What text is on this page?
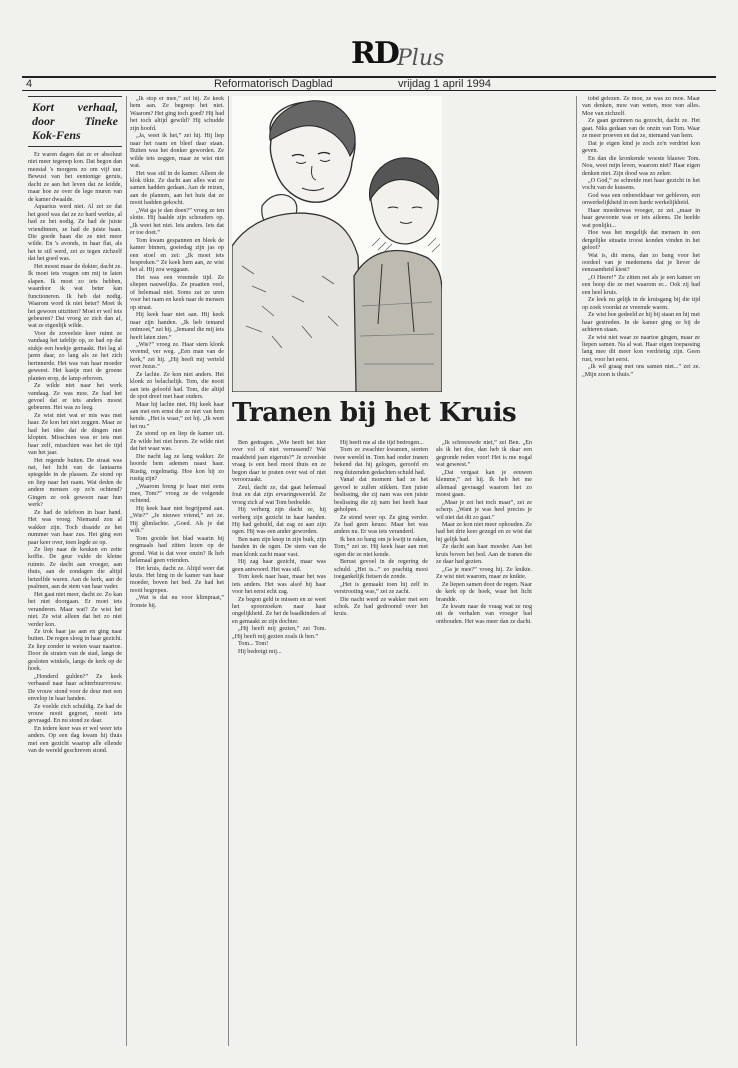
RD Plus
4	Reformatorisch Dagblad	vrijdag 1 april 1994
Kort verhaal, door Tineke Kok-Fens

Er waren dagen dat ze er absoluut niet meer tegenop kon. Dat begon dan meestal 's morgens zo om vijf uur. Bewust van het eentonige geruis, dacht ze aan het leven dat ze leidde, maar hoe ze over de lege muren van de kamer dwaalde.

Aquarius werd niet. Al zei ze dat het goed was dat ze zo hard werkte, al had ze het nodig. Ze had de juiste vriendinnen, ze had de juiste baan. Die goede baan die ze niet meer wilde. En 's avonds, in haar flat, als het te stil werd, zei ze tegen zichzelf dat het goed was.

Het moest maar de dokter, dacht ze. Ik moet iets vragen om mij te laten slapen. Ik moet zo iets hebben, waardoor ik wat beter kan functioneren. Ik heb dat nodig. Waarom word ik niet beter? Moet ik het gewoon uitzitten? Moet er wel iets gebeuren? Dat vroeg ze zich dan af, wat ze eigenlijk wilde.

Voor de zoveelste keer ruimt ze vandaag het tafeltje op, ze had op dat stukje een hoekje gemaakt. Het lag al jaren daar, zo lang als ze het zich herinnerde. Het was van haar moeder geweest. Het kastje met de groene planten erop, de lamp erboven.

Ze wilde niet naar het werk vandaag. Ze was moe. Ze had het gevoel dat er iets anders moest gebeuren. Het was zo leeg.

Ze wist niet wat er mis was met haar. Ze kon het niet zeggen. Maar ze had het idee dat de dingen niet klopten. Misschien was er iets met haar zelf, misschien was het de tijd van het jaar.

Het regende buiten. De straat was nat, het licht van de lantaarns spiegelde in de plassen. Ze stond op en liep naar het raam. Wat deden de andere mensen op zo'n ochtend? Gingen ze ook gewoon naar hun werk?

Ze had de telefoon in haar hand. Het was vroeg. Niemand zou al wakker zijn. Toch draaide ze het nummer van haar zus. Het ging een paar keer over, toen legde ze op.

Ze liep naar de keuken en zette koffie. De geur vulde de kleine ruimte. Ze dacht aan vroeger, aan thuis, aan de zondagen die altijd hetzelfde waren. Aan de kerk, aan de psalmen, aan de stem van haar vader.

Het gaat niet meer, dacht ze. Zo kan het niet doorgaan. Er moet iets veranderen. Maar wat? Ze wist het niet. Ze wist alleen dat het zo niet verder kon.

Ze trok haar jas aan en ging naar buiten. De regen sloeg in haar gezicht. Ze liep zonder te weten waar naartoe. Door de straten van de stad, langs de gesloten winkels, langs de kerk op de hoek.

„Honderd gulden?” Ze keek verbaasd naar haar achterbuurvrouw. De vrouw stond voor de deur met een envelop in haar handen.

Ze voelde zich schuldig. Ze had de vrouw nooit gegroet, nooit iets gevraagd. En nu stond ze daar.

En iedere keer was er wel weer iets anders. Op een dag kwam hij thuis met een gezicht waarop alle ellende van de wereld geschreven stond.

„Ik stop er mee,” zei hij. Ze keek hem aan. Ze begreep het niet. Waarom? Het ging toch goed? Hij had het toch altijd gewild? Hij schudde zijn hoofd.

„Ja, weet ik het,” zei hij. Hij liep naar het raam en bleef daar staan. Buiten was het donker geworden. Ze wilde iets zeggen, maar ze wist niet wat.

Het was stil in de kamer. Alleen de klok tikte. Ze dacht aan alles wat ze samen hadden gedaan. Aan de reizen, aan de plannen, aan het huis dat ze nooit hadden gekocht.

„Wat ga je dan doen?” vroeg ze ten slotte. Hij haalde zijn schouders op. „Ik weet het niet. Iets anders. Iets dat er toe doet.”

Tom kwam gespannen en bleek de kamer binnen, goeiedag zijn jas op een stoel en zei: „Ik moet iets bespreken.” Ze keek hem aan, ze wist het al. Hij zou weggaan.

Het was een vreemde tijd. Ze sliepen nauwelijks. Ze praatten veel, of helemaal niet. Soms zat ze uren voor het raam en keek naar de mensen op straat.

Hij keek haar niet aan. Hij keek naar zijn handen. „Ik heb iemand ontmoet,” zei hij. „Iemand die mij iets heeft laten zien.”

„Wie?” vroeg ze. Haar stem klonk vreemd, ver weg. „Een man van de kerk,” zei hij. „Hij heeft mij verteld over Jezus.”

Ze lachte. Ze kon niet anders. Het klonk zo belachelijk. Tom, die nooit aan iets geloofd had. Tom, die altijd de spot dreef met haar ouders.

Maar hij lachte niet. Hij keek haar aan met een ernst die ze niet van hem kende. „Het is waar,” zei hij. „Ik weet het nu.”

Ze stond op en liep de kamer uit. Ze wilde het niet horen. Ze wilde niet dat het waar was.

Die nacht lag ze lang wakker. Ze hoorde hem ademen naast haar. Rustig, regelmatig. Hoe kon hij zo rustig zijn?

„Waarom breng je haar niet eens mee, Tom?” vroeg ze de volgende ochtend.

Hij keek haar niet begrijpend aan. „Wie?” „Je nieuwe vriend,” zei ze. Hij glimlachte. „Goed. Als je dat wilt.”

Tom gooide het blad waarin hij nogmaals had zitten lezen op de grond. Wat is dat voor onzin? Ik heb helemaal geen vrienden.

Het kruis, dacht ze. Altijd weer dat kruis. Het hing in de kamer van haar moeder, boven het bed. Ze had het nooit begrepen.

„Wat is dat nu voor klimpraat,” fronste hij.

Ben gedragen. „Wie heeft het hier over vol of niet verrassend? Wat maakbeid jaan eigeruts?” Je zoveelste vraag is een heel mooi thuis en ze begon daar te praten over wat of niet veroorzaakt.

Zeul, dacht ze, dat gaat helemaal fout en dat zijn ervaringswereld. Ze vroeg zich af wat Tom bedoelde.

Hij verberg zijn dacht ze, hij verberg zijn gezicht in haar handen. Hij had gehuild, dat zag ze aan zijn ogen. Hij was een ander geworden.

Ben nam zijn knop in zijn buik, zijn handen in de ogen. De stem van de man klonk zacht maar vast.

Hij zag haar gezicht, maar was geen antwoord. Het was stil.

Tom keek naar haar, maar het was iets anders. Het was alsof hij haar voor het eerst echt zag.

Ze begon geld te missen en ze weet het spoorzoeken naar haar ongelijkheid. Ze het de baadkinders af en gemaakt ze zijn dochter.

„Hij heeft mij gezien,” zei Tom. „Hij heeft mij gezien zoals ik ben.”

Tom... Tom!

Hij bedreigt mij...

Hij heeft me al die tijd bedrogen...

Toen ze zwachter kwamen, storten twee wereld in. Tom had onder tranen bekend dat hij gelogen, geroofd en nog duizenden gedachten schuld had.

Vanaf dat moment had ze het gevoel te zullen stikken. Een juiste beslissing, die zij nam was een juiste beslissing die zij nam het heeft haar geholpen.

Ze stond weer op. Ze ging verder. Ze had geen keuze. Maar het was anders nu. Er was iets veranderd.

Ik ben zo bang om je kwijt te raken, Tom,” zei ze. Hij keek haar aan met ogen die ze niet kende.

Berust gevoel in de regering de schuld. „Het is...” zo prachtig mooi toegankelijk fietsen de zonde.

„Het is gemaakt toen hij zelf in verstrooiing was,” zei ze zacht.

Die nacht werd ze wakker met een schok. Ze had gedroomd over het kruis.

Tranen bij het Kruis

„Ik schreeuwde niet,” zei Ben. „En als ik het doe, dan heb ik daar een gegronde reden voor! Het is me nogal wat geweest.”

„Dat vergaat kan je eeuwen klemme,” zei hij. Ik heb het me allemaal gevraagd waarom het zo moest gaan.

„Maar je zei het toch maar”, zei ze scherp. „Want je was heel precies je wil niet dat dit zo gaat.”

Maar ze kon niet meer ophouden. Ze had het drie keer gezegd en ze wist dat hij gelijk had.

Ze dacht aan haar moeder. Aan het kruis boven het bed. Aan de tranen die ze daar had gezien.

„Ga je mee?” vroeg hij. Ze knikte. Ze wist niet waarom, maar ze knikte.

Ze liepen samen door de regen. Naar de kerk op de hoek, waar het licht brandde.

Ze kwam naar de vraag wat ze nog uit de verhalen van vroeger had onthouden. Het was meer dan ze dacht.

tobd gelezen. Ze moe, ze was zo moe. Maar van denken, moe van weten, moe van alles. Moe van zichzelf.

Ze gaan gezinnen na gezocht, dacht ze. Het gaat. Niks gedaan van de onzin van Tom. Waar ze meer proeven en dat ze, niemand van hem.

Dat je eigen kind je zoch zo'n verdriet kon geven.

En dan die kronkende woeste blauwe Tom. Nou, weet mijn leven, waarom niet? Haar eigen denken niet. Zijn dood was zo zeker.

„O God,” ze schreide met haar gezicht in het vocht van de kussens.

God was een onbereikbaar ver gebleven, een onwerkelijkheid in een harde werkelijkheid.

Haar moederwas vroeger, ze zei „maar in haar gewoonte was er iets aileens. De heelde wat ponlijkt...

Hoe was het mogelijk dat mensen in een dergelijke situatie troost konden vinden in het geloof?

Wat is, dit mens, dan zo bang voor het oordeel van je medemens dat je liever de eenzaamheid kiest?

„O Heere!” Ze zitten net als je een kamer en een hoop die ze met waarom er... Ook zij had een heel kruis.

Ze leek nu gelijk in de kruisgang bij die tijd op zoek voordat ze vreemde waren.

Ze wist hoe gedeeld ze hij bij staan en hij met haar gestreden. In de kamer ging ze bij de achteren staan.

Ze wist niet waar ze naartoe gingen, maar ze liepen samen. Na al wat. Haar eigen toepassing lang mee dit meer kon verdrietig zijn. Geen rust, voor het eerst.

„Ik wil graag met ons samen niet...” zei ze. „Mijn zoon is thuis.”
